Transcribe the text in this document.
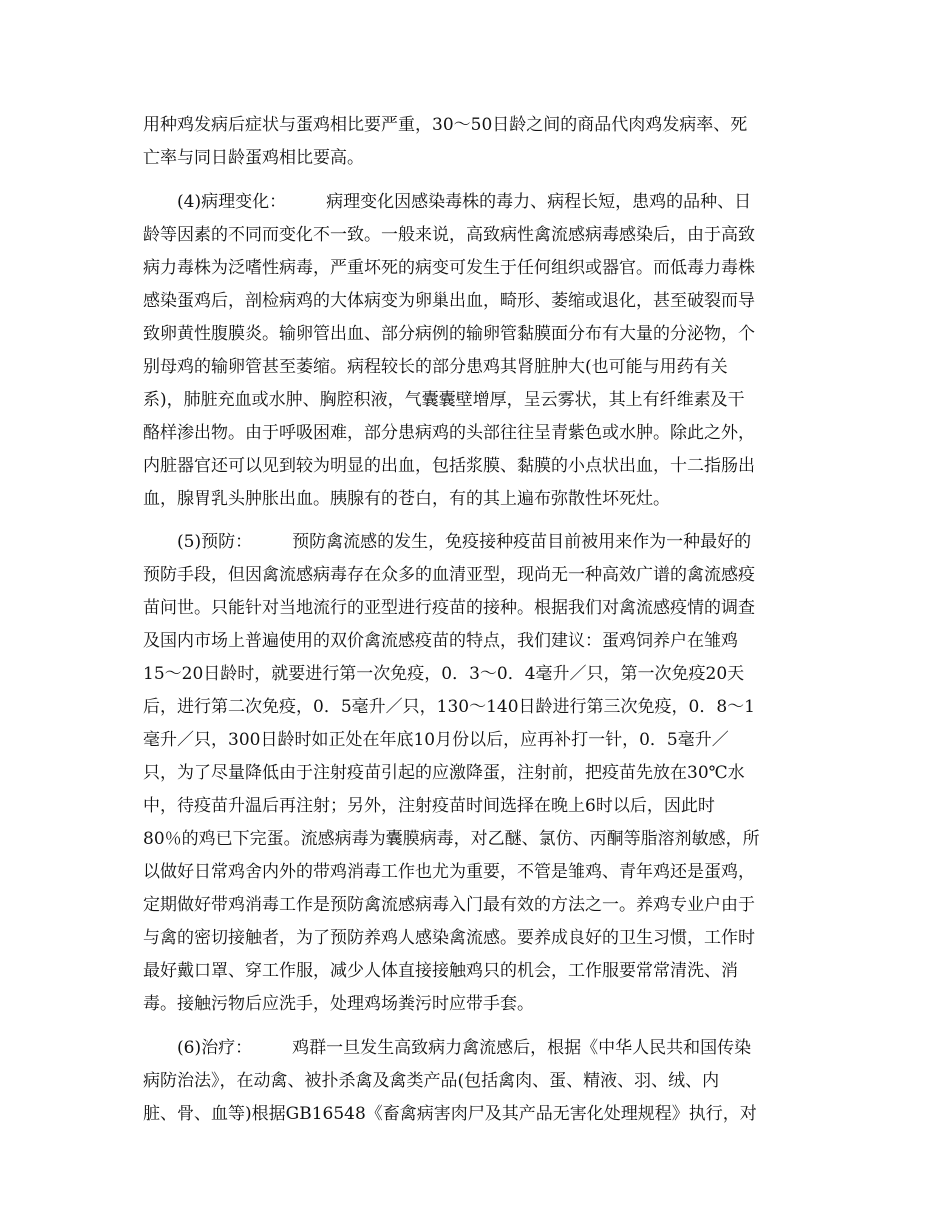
用种鸡发病后症状与蛋鸡相比要严重，30～50日龄之间的商品代肉鸡发病率、死
亡率与同日龄蛋鸡相比要高。
(4)病理变化： 病理变化因感染毒株的毒力、病程长短，患鸡的品种、日
龄等因素的不同而变化不一致。一般来说，高致病性禽流感病毒感染后，由于高致
病力毒株为泛嗜性病毒，严重坏死的病变可发生于任何组织或器官。而低毒力毒株
感染蛋鸡后，剖检病鸡的大体病变为卵巢出血，畸形、萎缩或退化，甚至破裂而导
致卵黄性腹膜炎。输卵管出血、部分病例的输卵管黏膜面分布有大量的分泌物，个
别母鸡的输卵管甚至萎缩。病程较长的部分患鸡其肾脏肿大(也可能与用药有关
系)，肺脏充血或水肿、胸腔积液，气囊囊壁增厚，呈云雾状，其上有纤维素及干
酪样渗出物。由于呼吸困难，部分患病鸡的头部往往呈青紫色或水肿。除此之外，
内脏器官还可以见到较为明显的出血，包括浆膜、黏膜的小点状出血，十二指肠出
血，腺胃乳头肿胀出血。胰腺有的苍白，有的其上遍布弥散性坏死灶。
(5)预防： 预防禽流感的发生，免疫接种疫苗目前被用来作为一种最好的
预防手段，但因禽流感病毒存在众多的血清亚型，现尚无一种高效广谱的禽流感疫
苗问世。只能针对当地流行的亚型进行疫苗的接种。根据我们对禽流感疫情的调查
及国内市场上普遍使用的双价禽流感疫苗的特点，我们建议：蛋鸡饲养户在雏鸡
15～20日龄时，就要进行第一次免疫，0．3～0．4毫升／只，第一次免疫20天
后，进行第二次免疫，0．5毫升／只，130～140日龄进行第三次免疫，0．8～1
毫升／只，300日龄时如正处在年底10月份以后，应再补打一针，0．5毫升／
只，为了尽量降低由于注射疫苗引起的应激降蛋，注射前，把疫苗先放在30℃水
中，待疫苗升温后再注射；另外，注射疫苗时间选择在晚上6时以后，因此时
80％的鸡已下完蛋。流感病毒为囊膜病毒，对乙醚、氯仿、丙酮等脂溶剂敏感，所
以做好日常鸡舍内外的带鸡消毒工作也尤为重要，不管是雏鸡、青年鸡还是蛋鸡，
定期做好带鸡消毒工作是预防禽流感病毒入门最有效的方法之一。养鸡专业户由于
与禽的密切接触者，为了预防养鸡人感染禽流感。要养成良好的卫生习惯，工作时
最好戴口罩、穿工作服，减少人体直接接触鸡只的机会，工作服要常常清洗、消
毒。接触污物后应洗手，处理鸡场粪污时应带手套。
(6)治疗： 鸡群一旦发生高致病力禽流感后，根据《中华人民共和国传染
病防治法》，在动禽、被扑杀禽及禽类产品(包括禽肉、蛋、精液、羽、绒、内
脏、骨、血等)根据GB16548《畜禽病害肉尸及其产品无害化处理规程》执行，对
